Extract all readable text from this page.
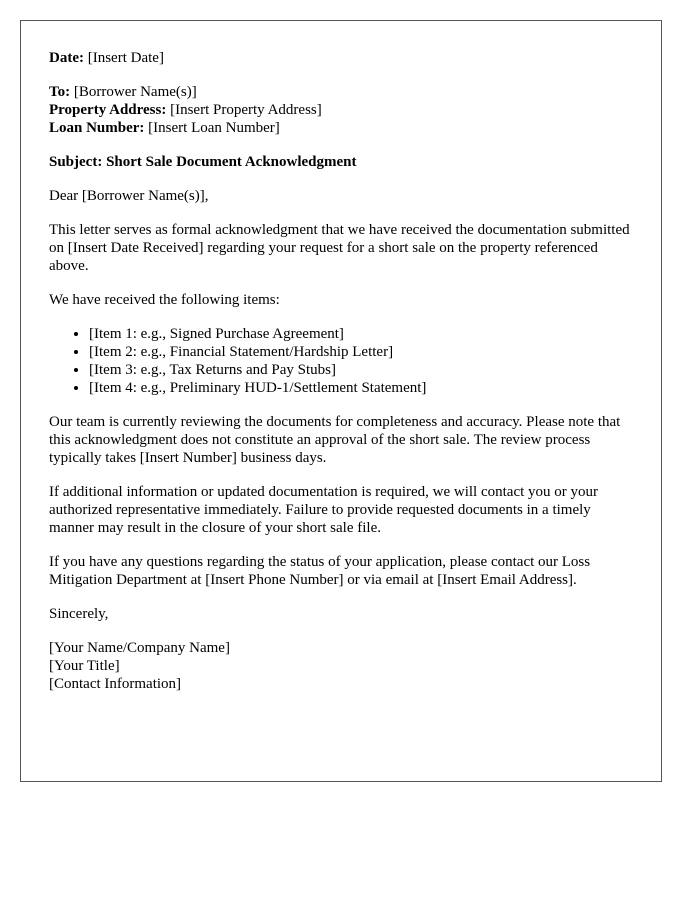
Date: [Insert Date]

To: [Borrower Name(s)]
Property Address: [Insert Property Address]
Loan Number: [Insert Loan Number]

Subject: Short Sale Document Acknowledgment

Dear [Borrower Name(s)],

This letter serves as formal acknowledgment that we have received the documentation submitted on [Insert Date Received] regarding your request for a short sale on the property referenced above.

We have received the following items:

• [Item 1: e.g., Signed Purchase Agreement]
• [Item 2: e.g., Financial Statement/Hardship Letter]
• [Item 3: e.g., Tax Returns and Pay Stubs]
• [Item 4: e.g., Preliminary HUD-1/Settlement Statement]

Our team is currently reviewing the documents for completeness and accuracy. Please note that this acknowledgment does not constitute an approval of the short sale. The review process typically takes [Insert Number] business days.

If additional information or updated documentation is required, we will contact you or your authorized representative immediately. Failure to provide requested documents in a timely manner may result in the closure of your short sale file.

If you have any questions regarding the status of your application, please contact our Loss Mitigation Department at [Insert Phone Number] or via email at [Insert Email Address].

Sincerely,

[Your Name/Company Name]
[Your Title]
[Contact Information]
